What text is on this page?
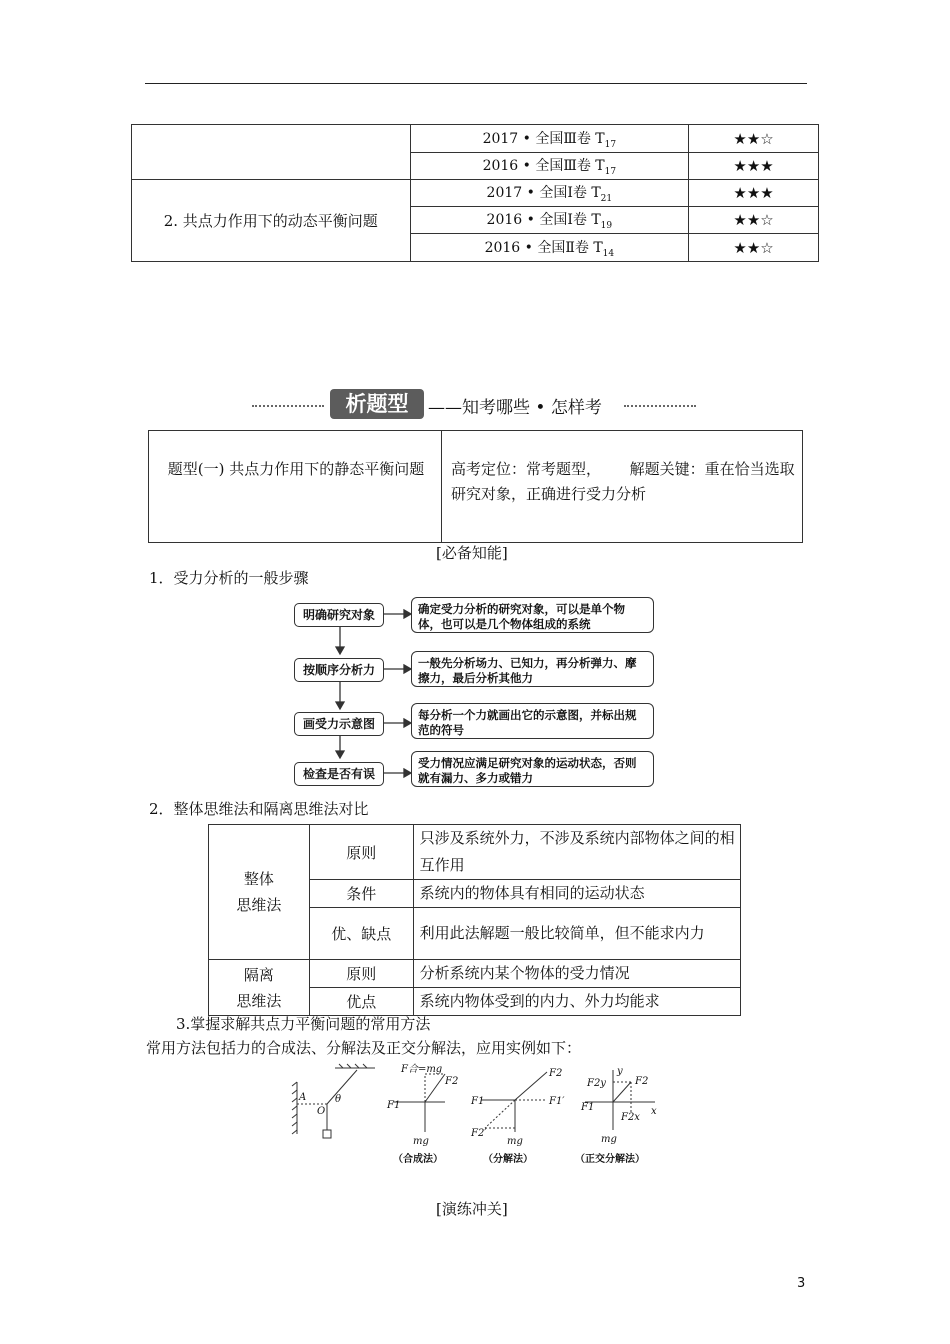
	2017 • 全国Ⅲ卷 $T_{17}$	★★☆
	2016 • 全国Ⅲ卷 $T_{17}$	★★★
2. 共点力作用下的动态平衡问题	2017 • 全国Ⅰ卷 $T_{21}$	★★★
	2016 • 全国Ⅰ卷 $T_{19}$	★★☆
	2016 • 全国Ⅱ卷 $T_{14}$	★★☆
析题型	——知考哪些 • 怎样考
题型(一) 共点力作用下的静态平衡问题	高考定位：常考题型，      解题关键：重在恰当选取研究对象，正确进行受力分析
[必备知能]
1．受力分析的一般步骤
明确研究对象
按顺序分析力
画受力示意图
检查是否有误
确定受力分析的研究对象，可以是单个物体，也可以是几个物体组成的系统
一般先分析场力、已知力，再分析弹力、摩擦力，最后分析其他力
每分析一个力就画出它的示意图，并标出规范的符号
受力情况应满足研究对象的运动状态，否则就有漏力、多力或错力
2．整体思维法和隔离思维法对比
整体
思维法	原则	只涉及系统外力，不涉及系统内部物体之间的相互作用
	条件	系统内的物体具有相同的运动状态
	优、缺点	利用此法解题一般比较简单，但不能求内力
隔离
思维法	原则	分析系统内某个物体的受力情况
	优点	系统内物体受到的内力、外力均能求
3.掌握求解共点力平衡问题的常用方法
常用方法包括力的合成法、分解法及正交分解法，应用实例如下：
A
O
θ
F合=mg
F2
F1
mg
F1	F1′
F2
F2′
mg
y
x
F2y	F2
F1
F2x
mg
（合成法）	（分解法）	（正交分解法）
[演练冲关]
3
